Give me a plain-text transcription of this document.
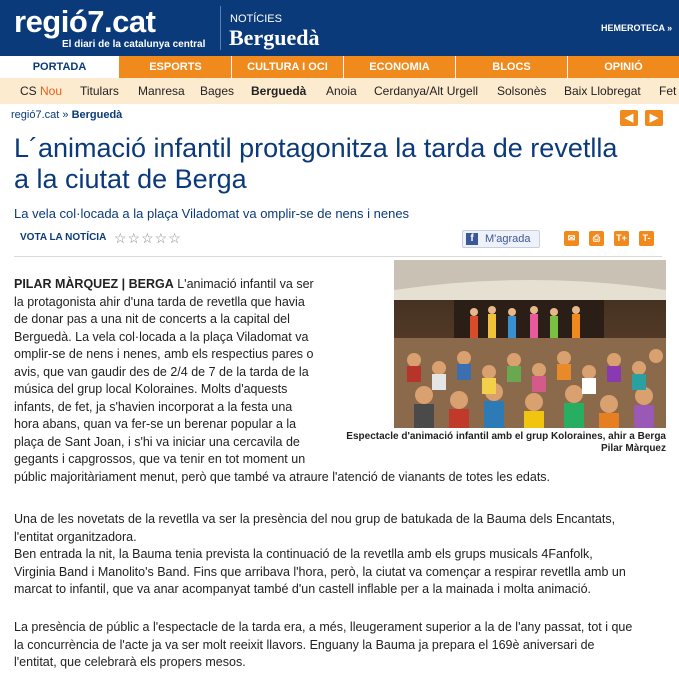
regió7.cat
El diari de la catalunya central
NOTÍCIES
Berguedà	HEMEROTECA »
PORTADA	ESPORTS	CULTURA I OCI	ECONOMIA	BLOCS	OPINIÓ
CS Nou Titulars Manresa Bages Berguedà Anoia Cerdanya/Alt Urgell Solsonès Baix Llobregat Fet
regió7.cat » Berguedà	◀	▶
L´animació infantil protagonitza la tarda de revetlla a la ciutat de Berga
La vela col·locada a la plaça Viladomat va omplir-se de nens i nenes
VOTA LA NOTÍCIA ☆☆☆☆☆	f	M'agrada	✉	⎙	T+	T-
Espectacle d'animació infantil amb el grup Koloraines, ahir a Berga
Pilar Màrquez
PILAR MÀRQUEZ | BERGA L'animació infantil va ser
la protagonista ahir d'una tarda de revetlla que havia
de donar pas a una nit de concerts a la capital del
Berguedà. La vela col·locada a la plaça Viladomat va
omplir-se de nens i nenes, amb els respectius pares o
avis, que van gaudir des de 2/4 de 7 de la tarda de la
música del grup local Koloraines. Molts d'aquests
infants, de fet, ja s'havien incorporat a la festa una
hora abans, quan va fer-se un berenar popular a la
plaça de Sant Joan, i s'hi va iniciar una cercavila de
gegants i capgrossos, que va tenir en tot moment un
públic majoritàriament menut, però que també va atraure l'atenció de vianants de totes les edats.
Una de les novetats de la revetlla va ser la presència del nou grup de batukada de la Bauma dels Encantats,
l'entitat organitzadora.
Ben entrada la nit, la Bauma tenia prevista la continuació de la revetlla amb els grups musicals 4Fanfolk,
Virginia Band i Manolito's Band. Fins que arribava l'hora, però, la ciutat va començar a respirar revetlla amb un
marcat to infantil, que va anar acompanyat també d'un castell inflable per a la mainada i molta animació.
La presència de públic a l'espectacle de la tarda era, a més, lleugerament superior a la de l'any passat, tot i que
la concurrència de l'acte ja va ser molt reeixit llavors. Enguany la Bauma ja prepara el 169è aniversari de
l'entitat, que celebrarà els propers mesos.
